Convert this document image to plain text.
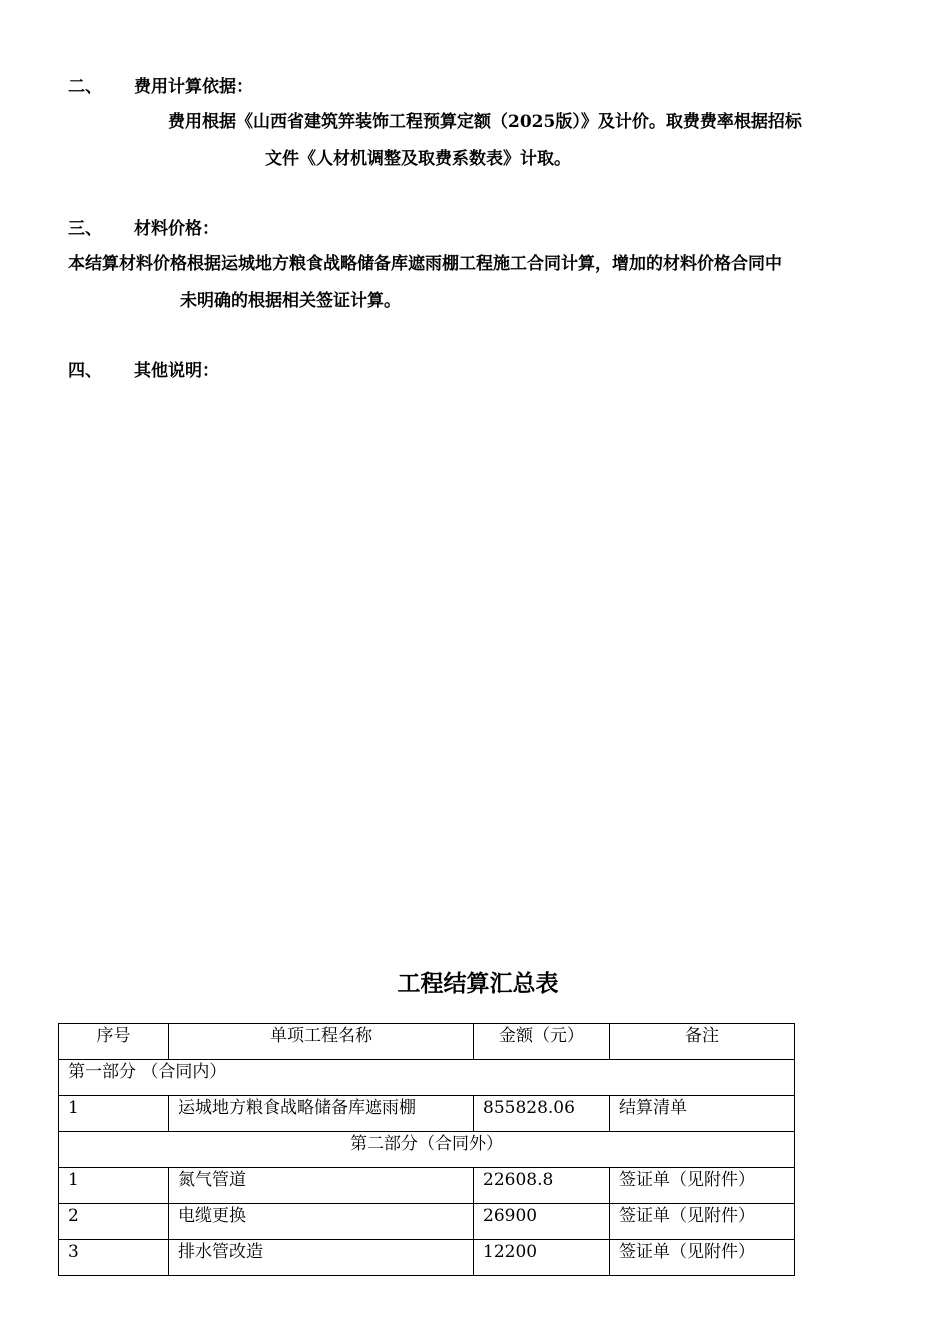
二、 费用计算依据：
费用根据《山西省建筑笄装饰工程预算定额（2025版）》及计价。取费费率根据招标
文件《人材机调整及取费系数表》计取。
三、 材料价格：
本结算材料价格根据运城地方粮食战略储备库遮雨棚工程施工合同计算，增加的材料价格合同中
未明确的根据相关签证计算。
四、 其他说明：
工程结算汇总表
序号	单项工程名称	金额（元）	备注
第一部分 （合同内）			
1	运城地方粮食战略储备库遮雨棚	855828.06	结算清单
第二部分（合同外）			
1	氮气管道	22608.8	签证单（见附件）
2	电缆更换	26900	签证单（见附件）
3	排水管改造	12200	签证单（见附件）
